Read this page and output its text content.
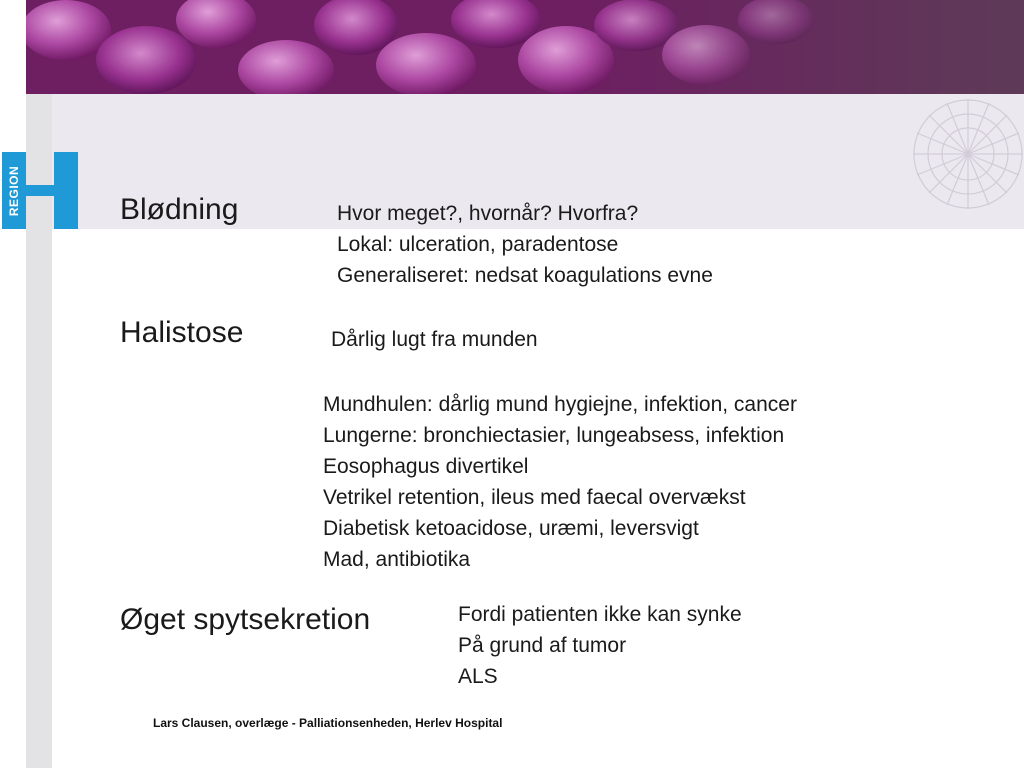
REGION	Blødning	Hvor meget?, hvornår? Hvorfra?
Lokal: ulceration, paradentose
Generaliseret: nedsat koagulations evne
Halistose	Dårlig lugt fra munden
Mundhulen: dårlig mund hygiejne, infektion, cancer
Lungerne: bronchiectasier, lungeabsess, infektion
Eosophagus divertikel
Vetrikel retention, ileus med faecal overvækst
Diabetisk ketoacidose, uræmi, leversvigt
Mad, antibiotika
Øget spytsekretion	Fordi patienten ikke kan synke
På grund af tumor
ALS
Lars Clausen, overlæge - Palliationsenheden, Herlev Hospital
